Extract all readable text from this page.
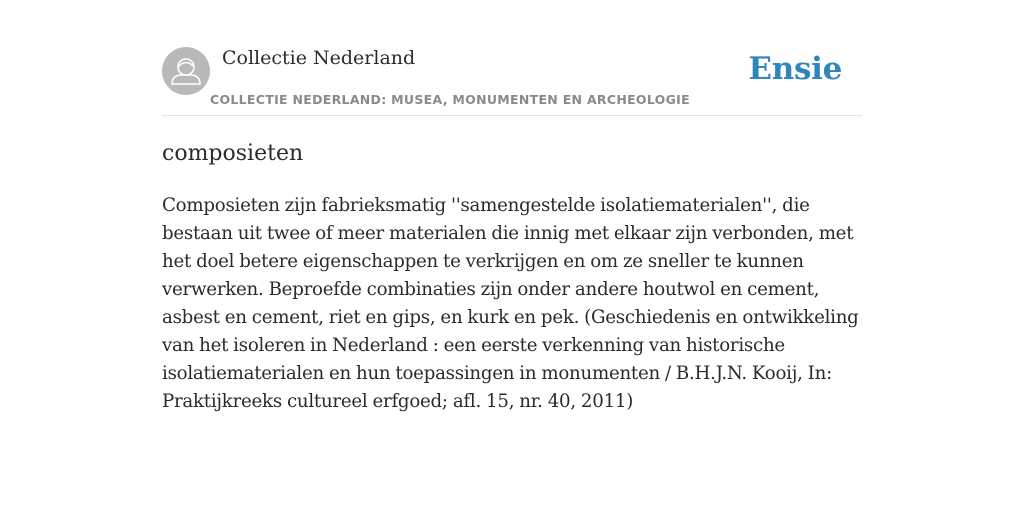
Collectie Nederland
COLLECTIE NEDERLAND: MUSEA, MONUMENTEN EN ARCHEOLOGIE
Ensie
composieten

Composieten zijn fabrieksmatig ''samengestelde isolatiematerialen'', die bestaan uit twee of meer materialen die innig met elkaar zijn verbonden, met het doel betere eigenschappen te verkrijgen en om ze sneller te kunnen verwerken. Beproefde combinaties zijn onder andere houtwol en cement, asbest en cement, riet en gips, en kurk en pek. (Geschiedenis en ontwikkeling van het isoleren in Nederland : een eerste verkenning van historische isolatiematerialen en hun toepassingen in monumenten / B.H.J.N. Kooij, In: Praktijkreeks cultureel erfgoed; afl. 15, nr. 40, 2011)
